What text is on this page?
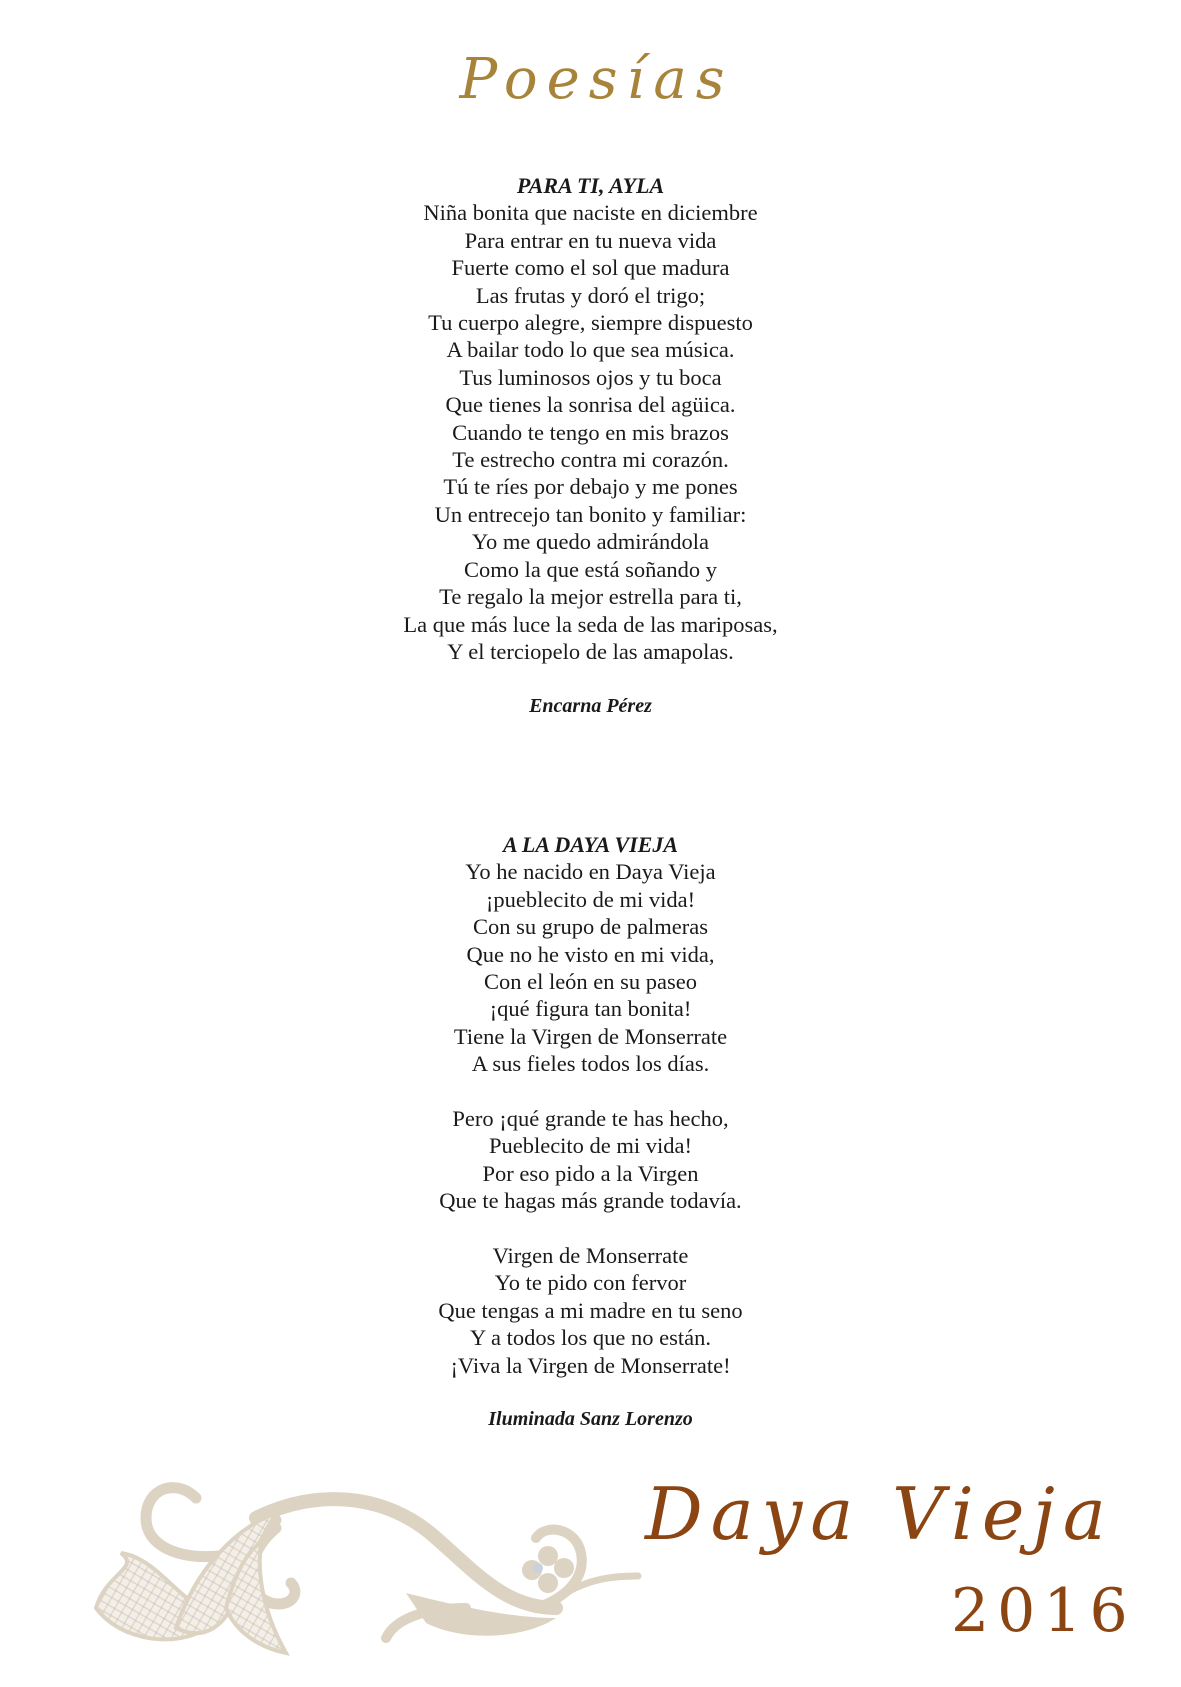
Poesías

PARA TI, AYLA

Niña bonita que naciste en diciembre

Para entrar en tu nueva vida

Fuerte como el sol que madura

Las frutas y doró el trigo;

Tu cuerpo alegre, siempre dispuesto

A bailar todo lo que sea música.

Tus luminosos ojos y tu boca

Que tienes la sonrisa del agüica.

Cuando te tengo en mis brazos

Te estrecho contra mi corazón.

Tú te ríes por debajo y me pones

Un entrecejo tan bonito y familiar:

Yo me quedo admirándola

Como la que está soñando y

Te regalo la mejor estrella para ti,

La que más luce la seda de las mariposas,

Y el terciopelo de las amapolas.

Encarna Pérez

A LA DAYA VIEJA

Yo he nacido en Daya Vieja

¡pueblecito de mi vida!

Con su grupo de palmeras

Que no he visto en mi vida,

Con el león en su paseo

¡qué figura tan bonita!

Tiene la Virgen de Monserrate

A sus fieles todos los días.

Pero ¡qué grande te has hecho,

Pueblecito de mi vida!

Por eso pido a la Virgen

Que te hagas más grande todavía.

Virgen de Monserrate

Yo te pido con fervor

Que tengas a mi madre en tu seno

Y a todos los que no están.

¡Viva la Virgen de Monserrate!

Iluminada Sanz Lorenzo

Daya Vieja
2016
